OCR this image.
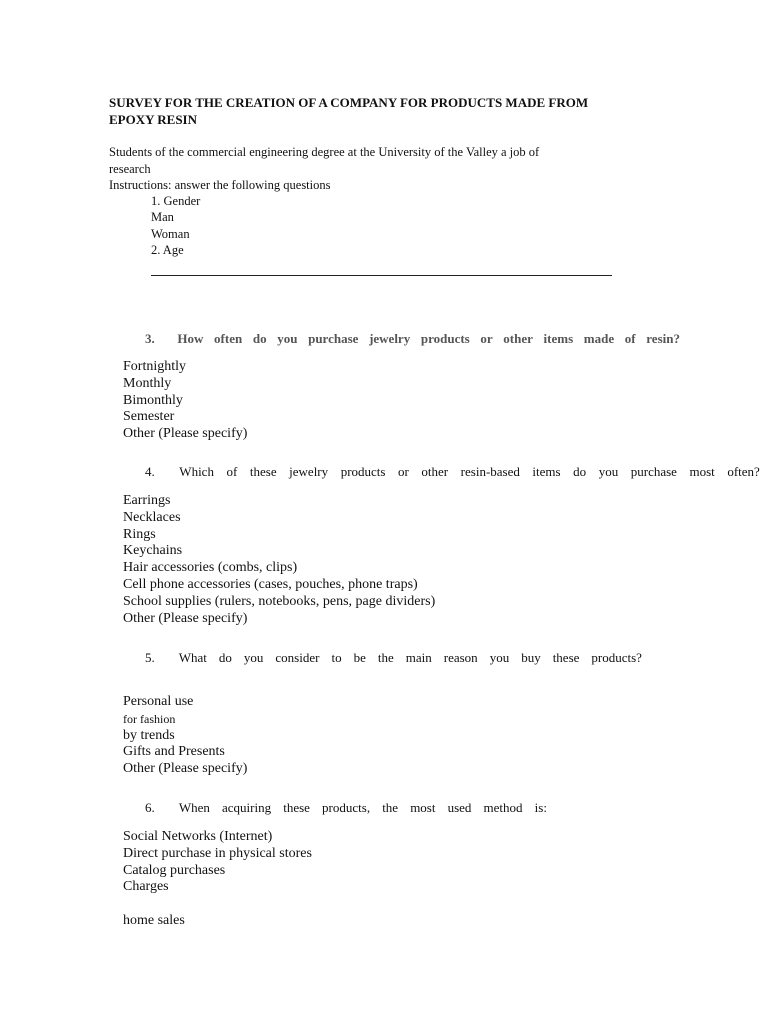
SURVEY FOR THE CREATION OF A COMPANY FOR PRODUCTS MADE FROM EPOXY RESIN

Students of the commercial engineering degree at the University of the Valley a job of research

Instructions: answer the following questions

1. Gender
Man
Woman
2. Age
3. How often do you purchase jewelry products or other items made of resin?
Fortnightly
Monthly
Bimonthly
Semester
Other (Please specify)
4. Which of these jewelry products or other resin-based items do you purchase most often?
Earrings
Necklaces
Rings
Keychains
Hair accessories (combs, clips)
Cell phone accessories (cases, pouches, phone traps)
School supplies (rulers, notebooks, pens, page dividers)
Other (Please specify)
5. What do you consider to be the main reason you buy these products?
Personal use
for fashion
by trends
Gifts and Presents
Other (Please specify)
6. When acquiring these products, the most used method is:
Social Networks (Internet)
Direct purchase in physical stores
Catalog purchases
Charges
home sales
